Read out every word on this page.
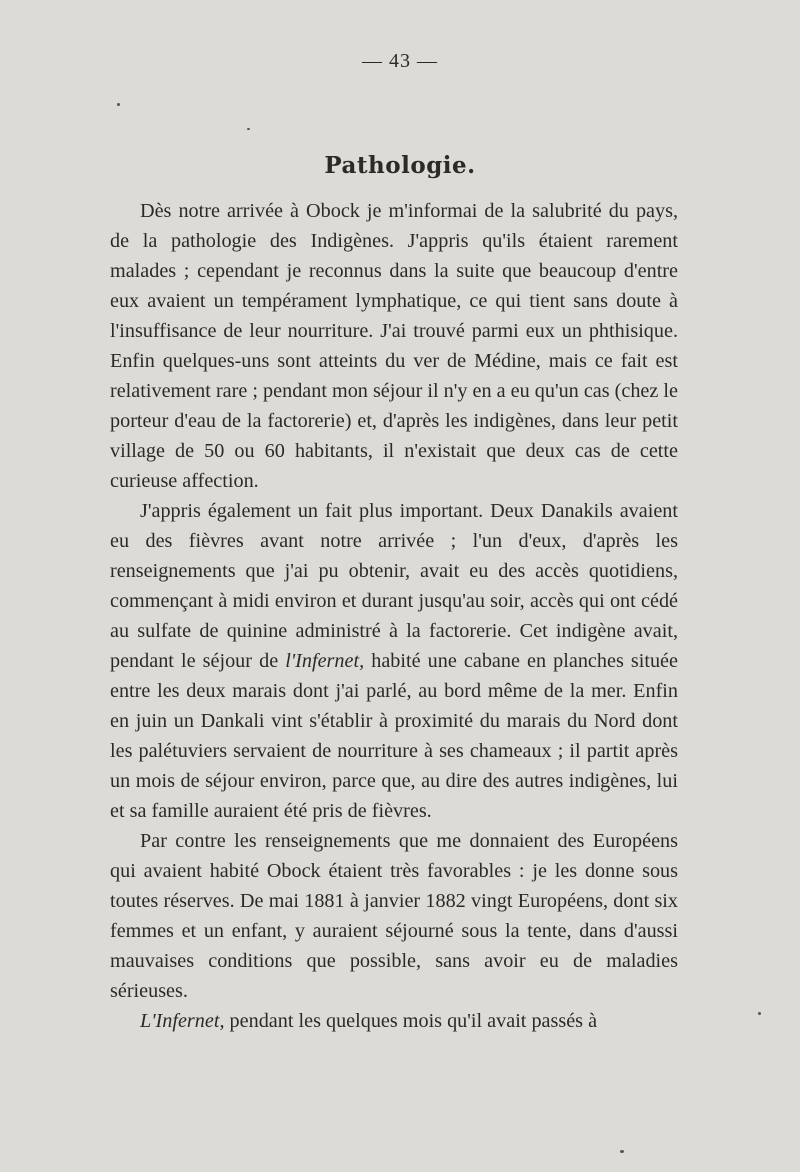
— 43 —
Pathologie.

Dès notre arrivée à Obock je m'informai de la salubrité du pays, de la pathologie des Indigènes. J'appris qu'ils étaient rarement malades ; cependant je reconnus dans la suite que beaucoup d'entre eux avaient un tempérament lymphatique, ce qui tient sans doute à l'insuffisance de leur nourriture. J'ai trouvé parmi eux un phthisique. Enfin quelques-uns sont atteints du ver de Médine, mais ce fait est relativement rare ; pendant mon séjour il n'y en a eu qu'un cas (chez le porteur d'eau de la factorerie) et, d'après les indigènes, dans leur petit village de 50 ou 60 habitants, il n'existait que deux cas de cette curieuse affection.

J'appris également un fait plus important. Deux Danakils avaient eu des fièvres avant notre arrivée ; l'un d'eux, d'après les renseignements que j'ai pu obtenir, avait eu des accès quotidiens, commençant à midi environ et durant jusqu'au soir, accès qui ont cédé au sulfate de quinine administré à la factorerie. Cet indigène avait, pendant le séjour de l'Infernet, habité une cabane en planches située entre les deux marais dont j'ai parlé, au bord même de la mer. Enfin en juin un Dankali vint s'établir à proximité du marais du Nord dont les palétuviers servaient de nourriture à ses chameaux ; il partit après un mois de séjour environ, parce que, au dire des autres indigènes, lui et sa famille auraient été pris de fièvres.

Par contre les renseignements que me donnaient des Européens qui avaient habité Obock étaient très favorables : je les donne sous toutes réserves. De mai 1881 à janvier 1882 vingt Européens, dont six femmes et un enfant, y auraient séjourné sous la tente, dans d'aussi mauvaises conditions que possible, sans avoir eu de maladies sérieuses.

L'Infernet, pendant les quelques mois qu'il avait passés à
